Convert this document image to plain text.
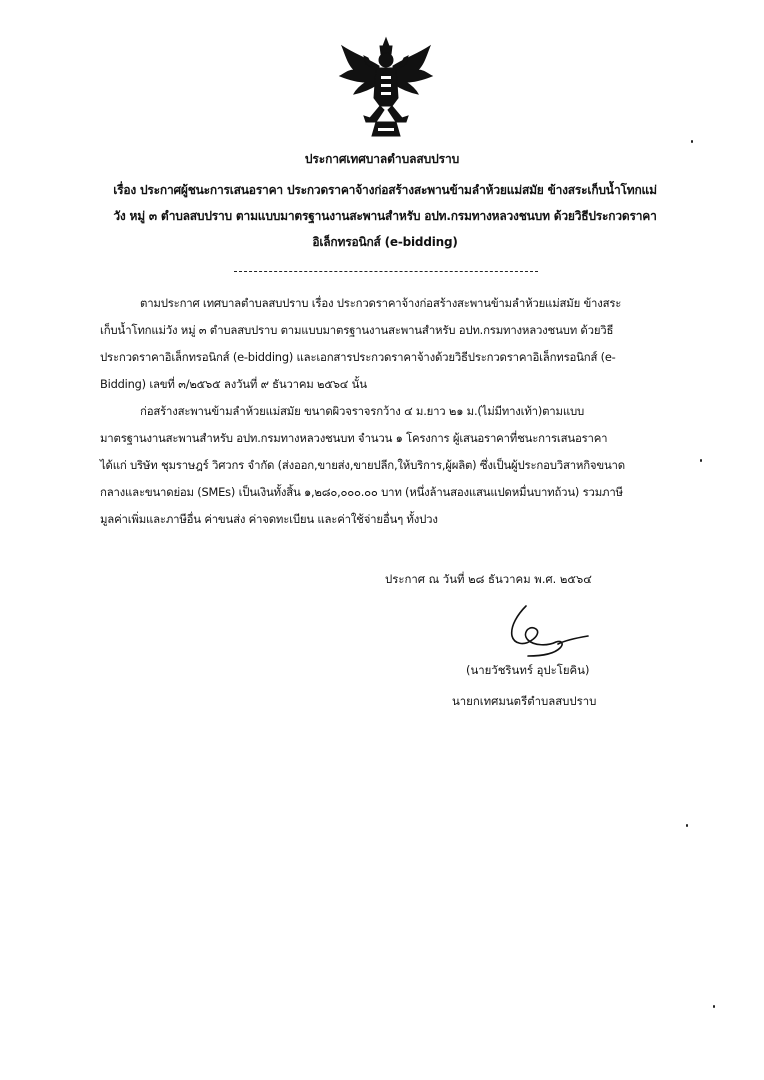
ประกาศเทศบาลตำบลสบปราบ
เรื่อง ประกาศผู้ชนะการเสนอราคา ประกวดราคาจ้างก่อสร้างสะพานข้ามลำห้วยแม่สมัย ข้างสระเก็บน้ำโทกแม่
วัง หมู่ ๓ ตำบลสบปราบ ตามแบบมาตรฐานงานสะพานสำหรับ อปท.กรมทางหลวงชนบท ด้วยวิธีประกวดราคา
อิเล็กทรอนิกส์ (e-bidding)
ตามประกาศ เทศบาลตำบลสบปราบ เรื่อง ประกวดราคาจ้างก่อสร้างสะพานข้ามลำห้วยแม่สมัย ข้างสระ
เก็บน้ำโทกแม่วัง หมู่ ๓ ตำบลสบปราบ ตามแบบมาตรฐานงานสะพานสำหรับ อปท.กรมทางหลวงชนบท ด้วยวิธี
ประกวดราคาอิเล็กทรอนิกส์ (e-bidding) และเอกสารประกวดราคาจ้างด้วยวิธีประกวดราคาอิเล็กทรอนิกส์ (e-
Bidding) เลขที่ ๓/๒๕๖๕ ลงวันที่ ๙ ธันวาคม ๒๕๖๔ นั้น
ก่อสร้างสะพานข้ามลำห้วยแม่สมัย ขนาดผิวจราจรกว้าง ๔ ม.ยาว ๒๑ ม.(ไม่มีทางเท้า)ตามแบบ
มาตรฐานงานสะพานสำหรับ อปท.กรมทางหลวงชนบท จำนวน ๑ โครงการ ผู้เสนอราคาที่ชนะการเสนอราคา
ได้แก่ บริษัท ชุมราษฎร์ วิศวกร จำกัด (ส่งออก,ขายส่ง,ขายปลีก,ให้บริการ,ผู้ผลิต) ซึ่งเป็นผู้ประกอบวิสาหกิจขนาด
กลางและขนาดย่อม (SMEs) เป็นเงินทั้งสิ้น ๑,๒๘๐,๐๐๐.๐๐ บาท (หนึ่งล้านสองแสนแปดหมื่นบาทถ้วน) รวมภาษี
มูลค่าเพิ่มและภาษีอื่น ค่าขนส่ง ค่าจดทะเบียน และค่าใช้จ่ายอื่นๆ ทั้งปวง
ประกาศ ณ วันที่ ๒๘ ธันวาคม พ.ศ. ๒๕๖๔
(นายวัชรินทร์ อุปะโยคิน)
นายกเทศมนตรีตำบลสบปราบ
